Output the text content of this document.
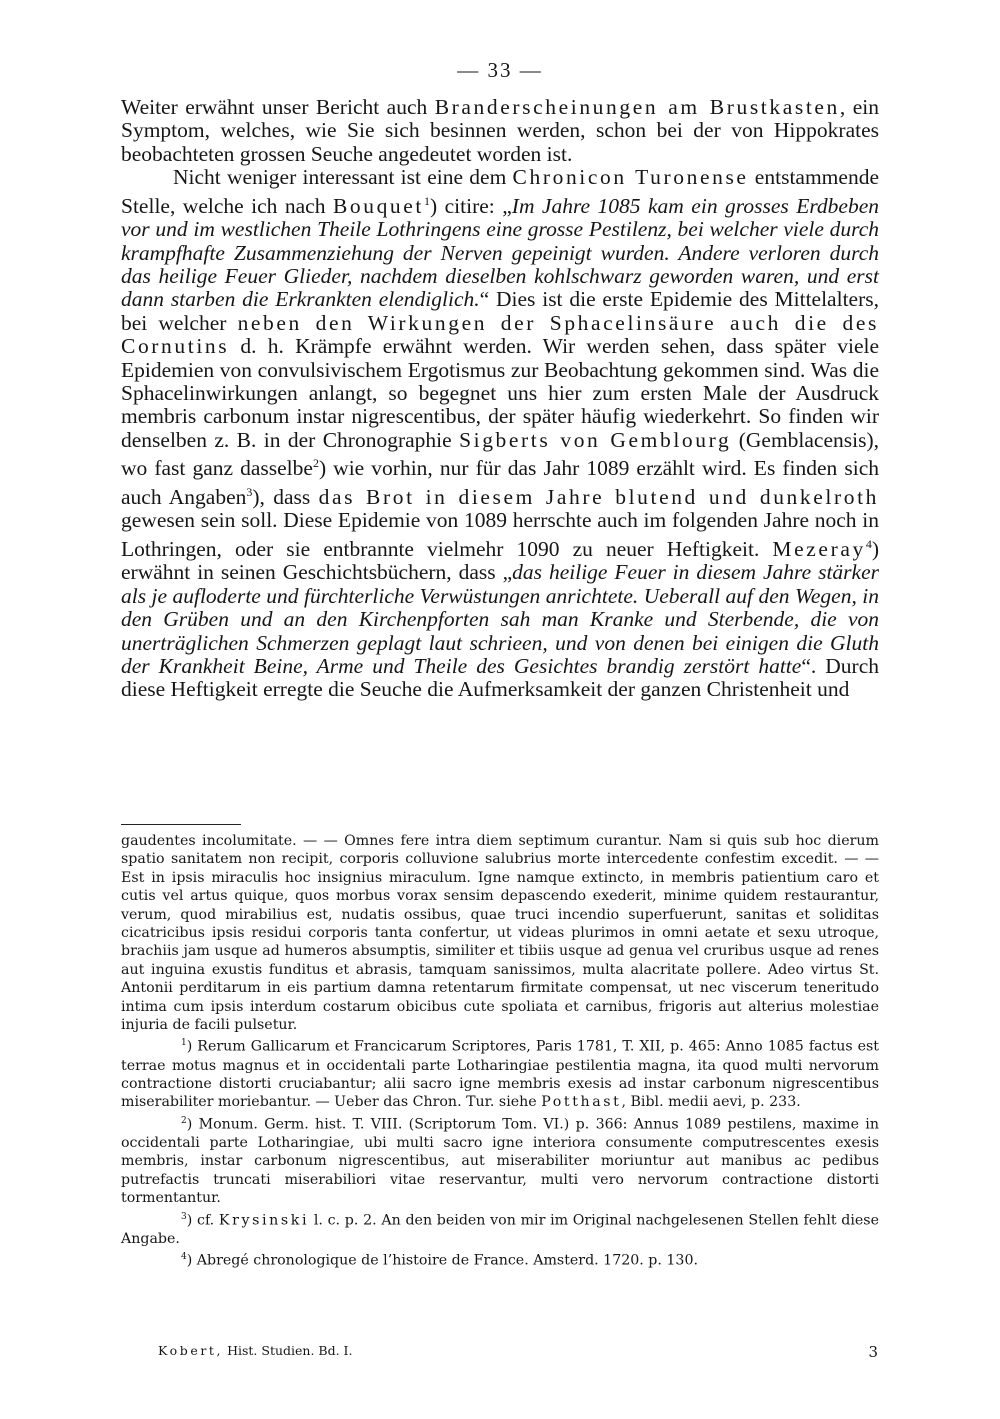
— 33 —

Weiter erwähnt unser Bericht auch Branderscheinungen am Brustkasten, ein Symptom, welches, wie Sie sich besinnen werden, schon bei der von Hippokrates beobachteten grossen Seuche angedeutet worden ist.

Nicht weniger interessant ist eine dem Chronicon Turonense entstammende Stelle, welche ich nach Bouquet$^1$) citire: „Im Jahre 1085 kam ein grosses Erdbeben vor und im westlichen Theile Lothringens eine grosse Pestilenz, bei welcher viele durch krampfhafte Zusammenziehung der Nerven gepeinigt wurden. Andere verloren durch das heilige Feuer Glieder, nachdem dieselben kohlschwarz geworden waren, und erst dann starben die Erkrankten elendiglich.“ Dies ist die erste Epidemie des Mittelalters, bei welcher neben den Wirkungen der Sphacelinsäure auch die des Cornutins d. h. Krämpfe erwähnt werden. Wir werden sehen, dass später viele Epidemien von convulsivischem Ergotismus zur Beobachtung gekommen sind. Was die Sphacelinwirkungen anlangt, so begegnet uns hier zum ersten Male der Ausdruck membris carbonum instar nigrescentibus, der später häufig wiederkehrt. So finden wir denselben z. B. in der Chronographie Sigberts von Gemblourg (Gemblacensis), wo fast ganz dasselbe$^2$) wie vorhin, nur für das Jahr 1089 erzählt wird. Es finden sich auch Angaben$^3$), dass das Brot in diesem Jahre blutend und dunkelroth gewesen sein soll. Diese Epidemie von 1089 herrschte auch im folgenden Jahre noch in Lothringen, oder sie entbrannte vielmehr 1090 zu neuer Heftigkeit. Mezeray$^4$) erwähnt in seinen Geschichtsbüchern, dass „das heilige Feuer in diesem Jahre stärker als je aufloderte und fürchterliche Verwüstungen anrichtete. Ueberall auf den Wegen, in den Grüben und an den Kirchenpforten sah man Kranke und Sterbende, die von unerträglichen Schmerzen geplagt laut schrieen, und von denen bei einigen die Gluth der Krankheit Beine, Arme und Theile des Gesichtes brandig zerstört hatte“. Durch diese Heftigkeit erregte die Seuche die Aufmerksamkeit der ganzen Christenheit und

gaudentes incolumitate. — — Omnes fere intra diem septimum curantur. Nam si quis sub hoc dierum spatio sanitatem non recipit, corporis colluvione salubrius morte intercedente confestim excedit. — — Est in ipsis miraculis hoc insignius miraculum. Igne namque extincto, in membris patientium caro et cutis vel artus quique, quos morbus vorax sensim depascendo exederit, minime quidem restaurantur, verum, quod mirabilius est, nudatis ossibus, quae truci incendio superfuerunt, sanitas et soliditas cicatricibus ipsis residui corporis tanta confertur, ut videas plurimos in omni aetate et sexu utroque, brachiis jam usque ad humeros absumptis, similiter et tibiis usque ad genua vel cruribus usque ad renes aut inguina exustis funditus et abrasis, tamquam sanissimos, multa alacritate pollere. Adeo virtus St. Antonii perditarum in eis partium damna retentarum firmitate compensat, ut nec viscerum teneritudo intima cum ipsis interdum costarum obicibus cute spoliata et carnibus, frigoris aut alterius molestiae injuria de facili pulsetur.

$^1$) Rerum Gallicarum et Francicarum Scriptores, Paris 1781, T. XII, p. 465: Anno 1085 factus est terrae motus magnus et in occidentali parte Lotharingiae pestilentia magna, ita quod multi nervorum contractione distorti cruciabantur; alii sacro igne membris exesis ad instar carbonum nigrescentibus miserabiliter moriebantur. — Ueber das Chron. Tur. siehe Potthast, Bibl. medii aevi, p. 233.

$^2$) Monum. Germ. hist. T. VIII. (Scriptorum Tom. VI.) p. 366: Annus 1089 pestilens, maxime in occidentali parte Lotharingiae, ubi multi sacro igne interiora consumente computrescentes exesis membris, instar carbonum nigrescentibus, aut miserabiliter moriuntur aut manibus ac pedibus putrefactis truncati miserabiliori vitae reservantur, multi vero nervorum contractione distorti tormentantur.

$^3$) cf. Krysinski l. c. p. 2. An den beiden von mir im Original nachgelesenen Stellen fehlt diese Angabe.

$^4$) Abregé chronologique de l’histoire de France. Amsterd. 1720. p. 130.

Kobert, Hist. Studien. Bd. I.	3
